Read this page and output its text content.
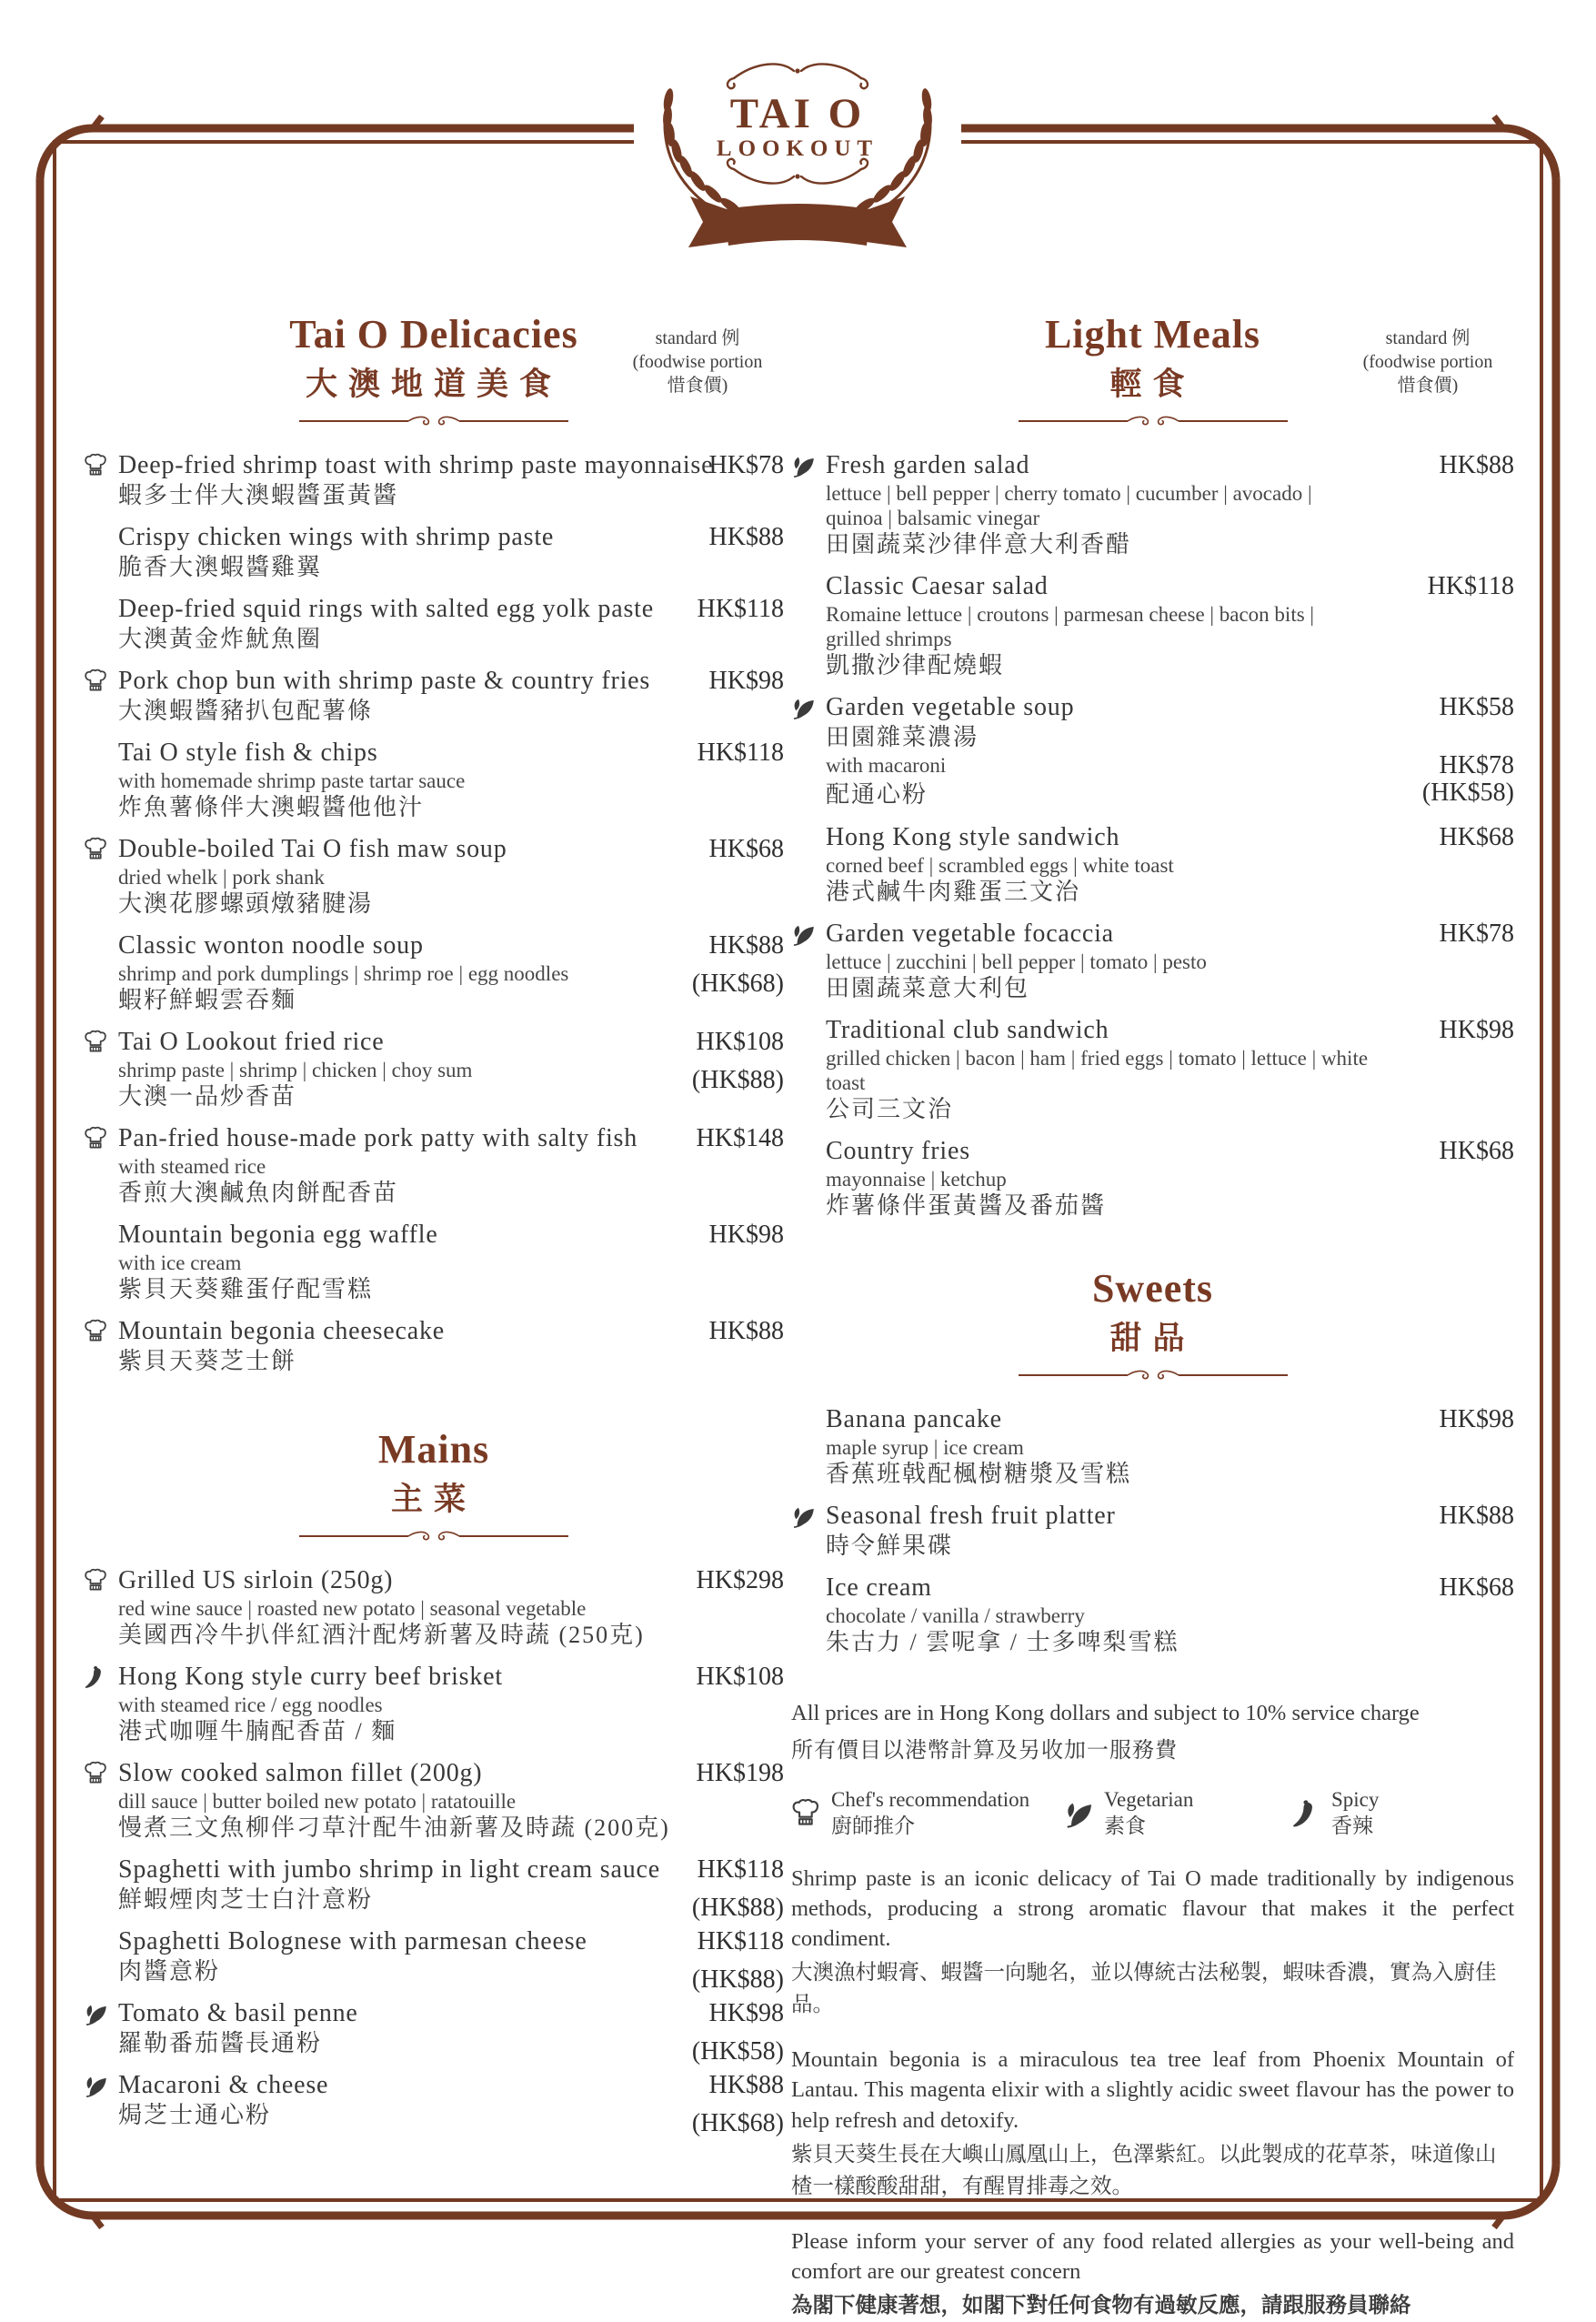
TAI O
LOOKOUT
Tai O Delicacies
大澳地道美食
standard 例
(foodwise portion
惜食價)
Deep-fried shrimp toast with shrimp paste mayonnaise
蝦多士伴大澳蝦醬蛋黃醬
HK$78
Crispy chicken wings with shrimp paste
脆香大澳蝦醬雞翼
HK$88
Deep-fried squid rings with salted egg yolk paste
大澳黃金炸魷魚圈
HK$118
Pork chop bun with shrimp paste & country fries
大澳蝦醬豬扒包配薯條
HK$98
Tai O style fish & chips
with homemade shrimp paste tartar sauce
炸魚薯條伴大澳蝦醬他他汁
HK$118
Double-boiled Tai O fish maw soup
dried whelk | pork shank
大澳花膠螺頭燉豬腱湯
HK$68
Classic wonton noodle soup
shrimp and pork dumplings | shrimp roe | egg noodles
蝦籽鮮蝦雲吞麵
HK$88
(HK$68)
Tai O Lookout fried rice
shrimp paste | shrimp | chicken | choy sum
大澳一品炒香苗
HK$108
(HK$88)
Pan-fried house-made pork patty with salty fish
with steamed rice
香煎大澳鹹魚肉餅配香苗
HK$148
Mountain begonia egg waffle
with ice cream
紫貝天葵雞蛋仔配雪糕
HK$98
Mountain begonia cheesecake
紫貝天葵芝士餅
HK$88
Mains
主菜
Grilled US sirloin (250g)
red wine sauce | roasted new potato | seasonal vegetable
美國西冷牛扒伴紅酒汁配烤新薯及時蔬 (250克)
HK$298
Hong Kong style curry beef brisket
with steamed rice / egg noodles
港式咖喱牛腩配香苗 / 麵
HK$108
Slow cooked salmon fillet (200g)
dill sauce | butter boiled new potato | ratatouille
慢煮三文魚柳伴刁草汁配牛油新薯及時蔬 (200克)
HK$198
Spaghetti with jumbo shrimp in light cream sauce
鮮蝦煙肉芝士白汁意粉
HK$118
(HK$88)
Spaghetti Bolognese with parmesan cheese
肉醬意粉
HK$118
(HK$88)
Tomato & basil penne
羅勒番茄醬長通粉
HK$98
(HK$58)
Macaroni & cheese
焗芝士通心粉
HK$88
(HK$68)
Light Meals
輕食
standard 例
(foodwise portion
惜食價)
Fresh garden salad
lettuce | bell pepper | cherry tomato | cucumber | avocado | quinoa | balsamic vinegar
田園蔬菜沙律伴意大利香醋
HK$88
Classic Caesar salad
Romaine lettuce | croutons | parmesan cheese | bacon bits | grilled shrimps
凱撒沙律配燒蝦
HK$118
Garden vegetable soup
田園雜菜濃湯
HK$58
with macaroni	HK$78
配通心粉	(HK$58)
Hong Kong style sandwich
corned beef | scrambled eggs | white toast
港式鹹牛肉雞蛋三文治
HK$68
Garden vegetable focaccia
lettuce | zucchini | bell pepper | tomato | pesto
田園蔬菜意大利包
HK$78
Traditional club sandwich
grilled chicken | bacon | ham | fried eggs | tomato | lettuce | white toast
公司三文治
HK$98
Country fries
mayonnaise | ketchup
炸薯條伴蛋黃醬及番茄醬
HK$68
Sweets
甜品
Banana pancake
maple syrup | ice cream
香蕉班戟配楓樹糖漿及雪糕
HK$98
Seasonal fresh fruit platter
時令鮮果碟
HK$88
Ice cream
chocolate / vanilla / strawberry
朱古力 / 雲呢拿 / 士多啤梨雪糕
HK$68
All prices are in Hong Kong dollars and subject to 10% service charge
所有價目以港幣計算及另收加一服務費
Chef's recommendation
廚師推介
Vegetarian
素食
Spicy
香辣
Shrimp paste is an iconic delicacy of Tai O made traditionally by indigenous methods, producing a strong aromatic flavour that makes it the perfect condiment.
大澳漁村蝦膏、蝦醬一向馳名，並以傳統古法秘製，蝦味香濃，實為入廚佳品。
Mountain begonia is a miraculous tea tree leaf from Phoenix Mountain of Lantau. This magenta elixir with a slightly acidic sweet flavour has the power to help refresh and detoxify.
紫貝天葵生長在大嶼山鳳凰山上，色澤紫紅。以此製成的花草茶，味道像山楂一樣酸酸甜甜，有醒胃排毒之效。
Please inform your server of any food related allergies as your well-being and comfort are our greatest concern
為閣下健康著想，如閣下對任何食物有過敏反應，請跟服務員聯絡
